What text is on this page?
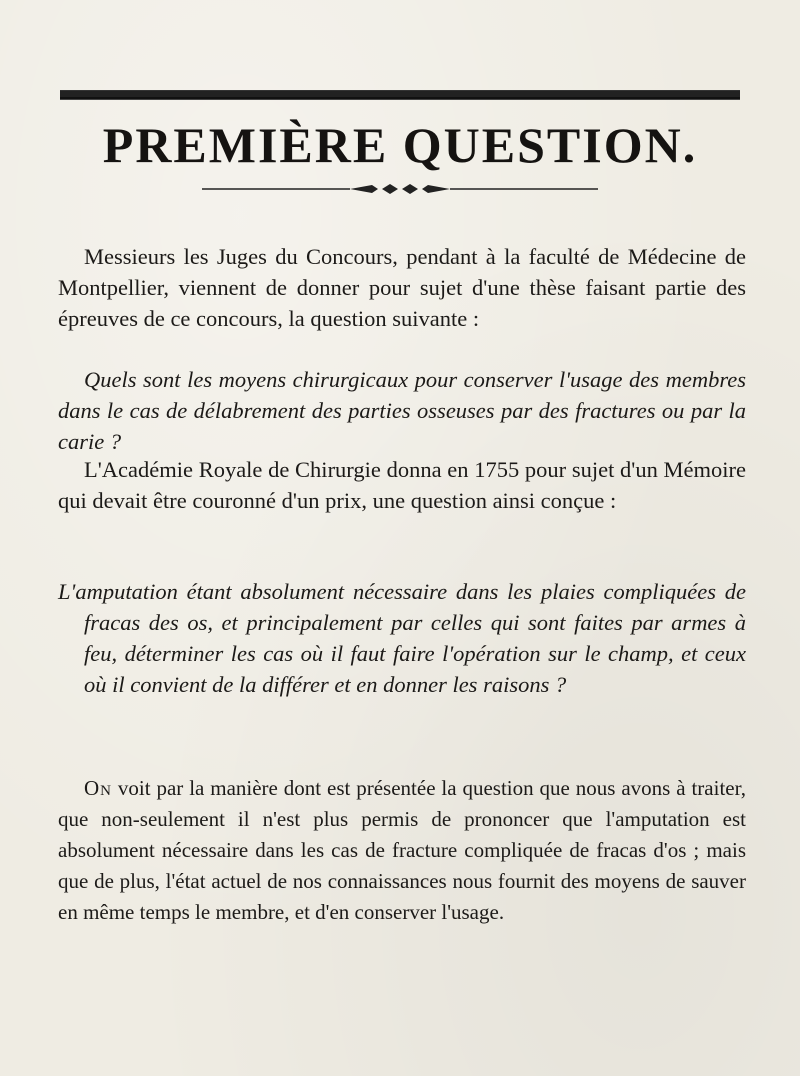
PREMIÈRE QUESTION.

Messieurs les Juges du Concours, pendant à la faculté de Médecine de Montpellier, viennent de donner pour sujet d'une thèse faisant partie des épreuves de ce concours, la question suivante :

Quels sont les moyens chirurgicaux pour conserver l'usage des membres dans le cas de délabrement des parties osseuses par des fractures ou par la carie ?

L'Académie Royale de Chirurgie donna en 1755 pour sujet d'un Mémoire qui devait être couronné d'un prix, une question ainsi conçue :

L'amputation étant absolument nécessaire dans les plaies compliquées de fracas des os, et principalement par celles qui sont faites par armes à feu, déterminer les cas où il faut faire l'opération sur le champ, et ceux où il convient de la différer et en donner les raisons ?

On voit par la manière dont est présentée la question que nous avons à traiter, que non-seulement il n'est plus permis de prononcer que l'amputation est absolument nécessaire dans les cas de fracture compliquée de fracas d'os ; mais que de plus, l'état actuel de nos connaissances nous fournit des moyens de sauver en même temps le membre, et d'en conserver l'usage.
